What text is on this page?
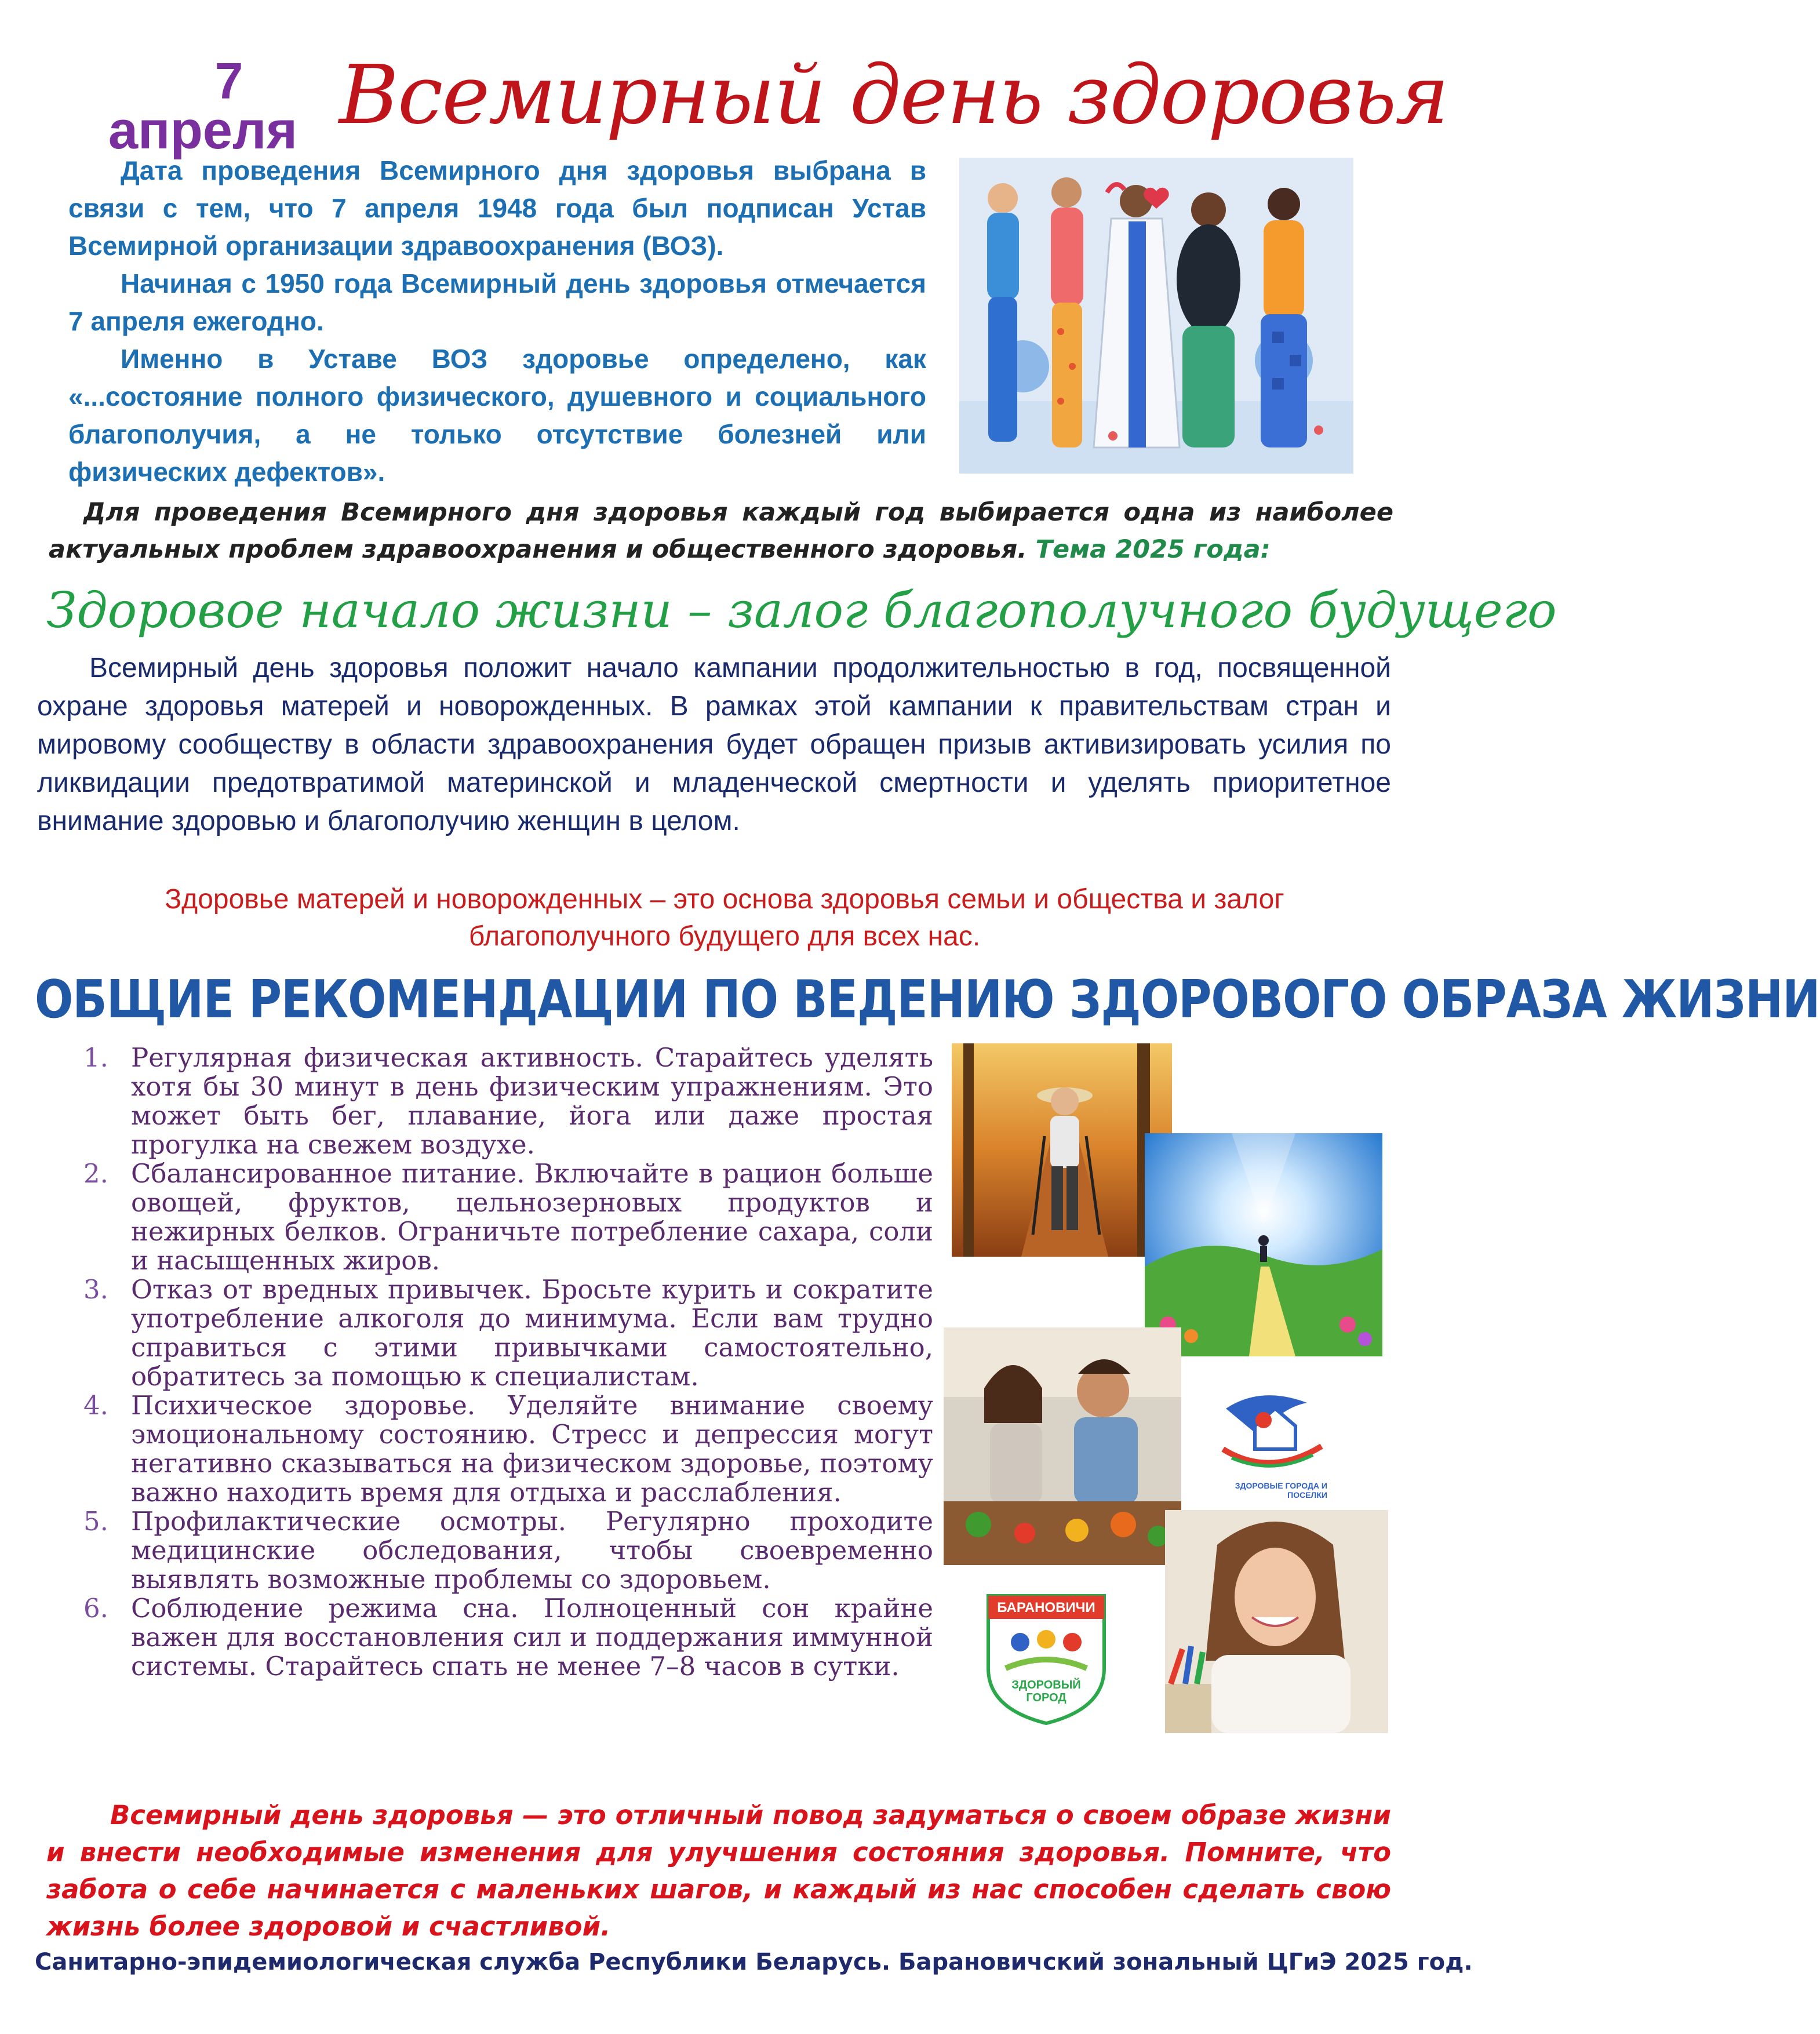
7
апреля Всемирный день здоровья

Дата проведения Всемирного дня здоровья выбрана в связи с тем, что 7 апреля 1948 года был подписан Устав Всемирной организации здравоохранения (ВОЗ).

Начиная с 1950 года Всемирный день здоровья отмечается 7 апреля ежегодно.

Именно в Уставе ВОЗ здоровье определено, как «...состояние полного физического, душевного и социального благополучия, а не только отсутствие болезней или физических дефектов».

Для проведения Всемирного дня здоровья каждый год выбирается одна из наиболее актуальных проблем здравоохранения и общественного здоровья. Тема 2025 года:
Здоровое начало жизни – залог благополучного будущего
Всемирный день здоровья положит начало кампании продолжительностью в год, посвященной охране здоровья матерей и новорожденных. В рамках этой кампании к правительствам стран и мировому сообществу в области здравоохранения будет обращен призыв активизировать усилия по ликвидации предотвратимой материнской и младенческой смертности и уделять приоритетное внимание здоровью и благополучию женщин в целом.
Здоровье матерей и новорожденных – это основа здоровья семьи и общества и залог благополучного будущего для всех нас.
ОБЩИЕ РЕКОМЕНДАЦИИ ПО ВЕДЕНИЮ ЗДОРОВОГО ОБРАЗА ЖИЗНИ
1. Регулярная физическая активность. Старайтесь уделять хотя бы 30 минут в день физическим упражнениям. Это может быть бег, плавание, йога или даже простая прогулка на свежем воздухе.
2. Сбалансированное питание. Включайте в рацион больше овощей, фруктов, цельнозерновых продуктов и нежирных белков. Ограничьте потребление сахара, соли и насыщенных жиров.
3. Отказ от вредных привычек. Бросьте курить и сократите употребление алкоголя до минимума. Если вам трудно справиться с этими привычками самостоятельно, обратитесь за помощью к специалистам.
4. Психическое здоровье. Уделяйте внимание своему эмоциональному состоянию. Стресс и депрессия могут негативно сказываться на физическом здоровье, поэтому важно находить время для отдыха и расслабления.
5. Профилактические осмотры. Регулярно проходите медицинские обследования, чтобы своевременно выявлять возможные проблемы со здоровьем.
6. Соблюдение режима сна. Полноценный сон крайне важен для восстановления сил и поддержания иммунной системы. Старайтесь спать не менее 7–8 часов в сутки.
ЗДОРОВЫЕ ГОРОДА И ПОСЕЛКИ
БАРАНОВИЧИ
ЗДОРОВЫЙ ГОРОД
Всемирный день здоровья — это отличный повод задуматься о своем образе жизни и внести необходимые изменения для улучшения состояния здоровья. Помните, что забота о себе начинается с маленьких шагов, и каждый из нас способен сделать свою жизнь более здоровой и счастливой.
Санитарно-эпидемиологическая служба Республики Беларусь. Барановичский зональный ЦГиЭ 2025 год.
